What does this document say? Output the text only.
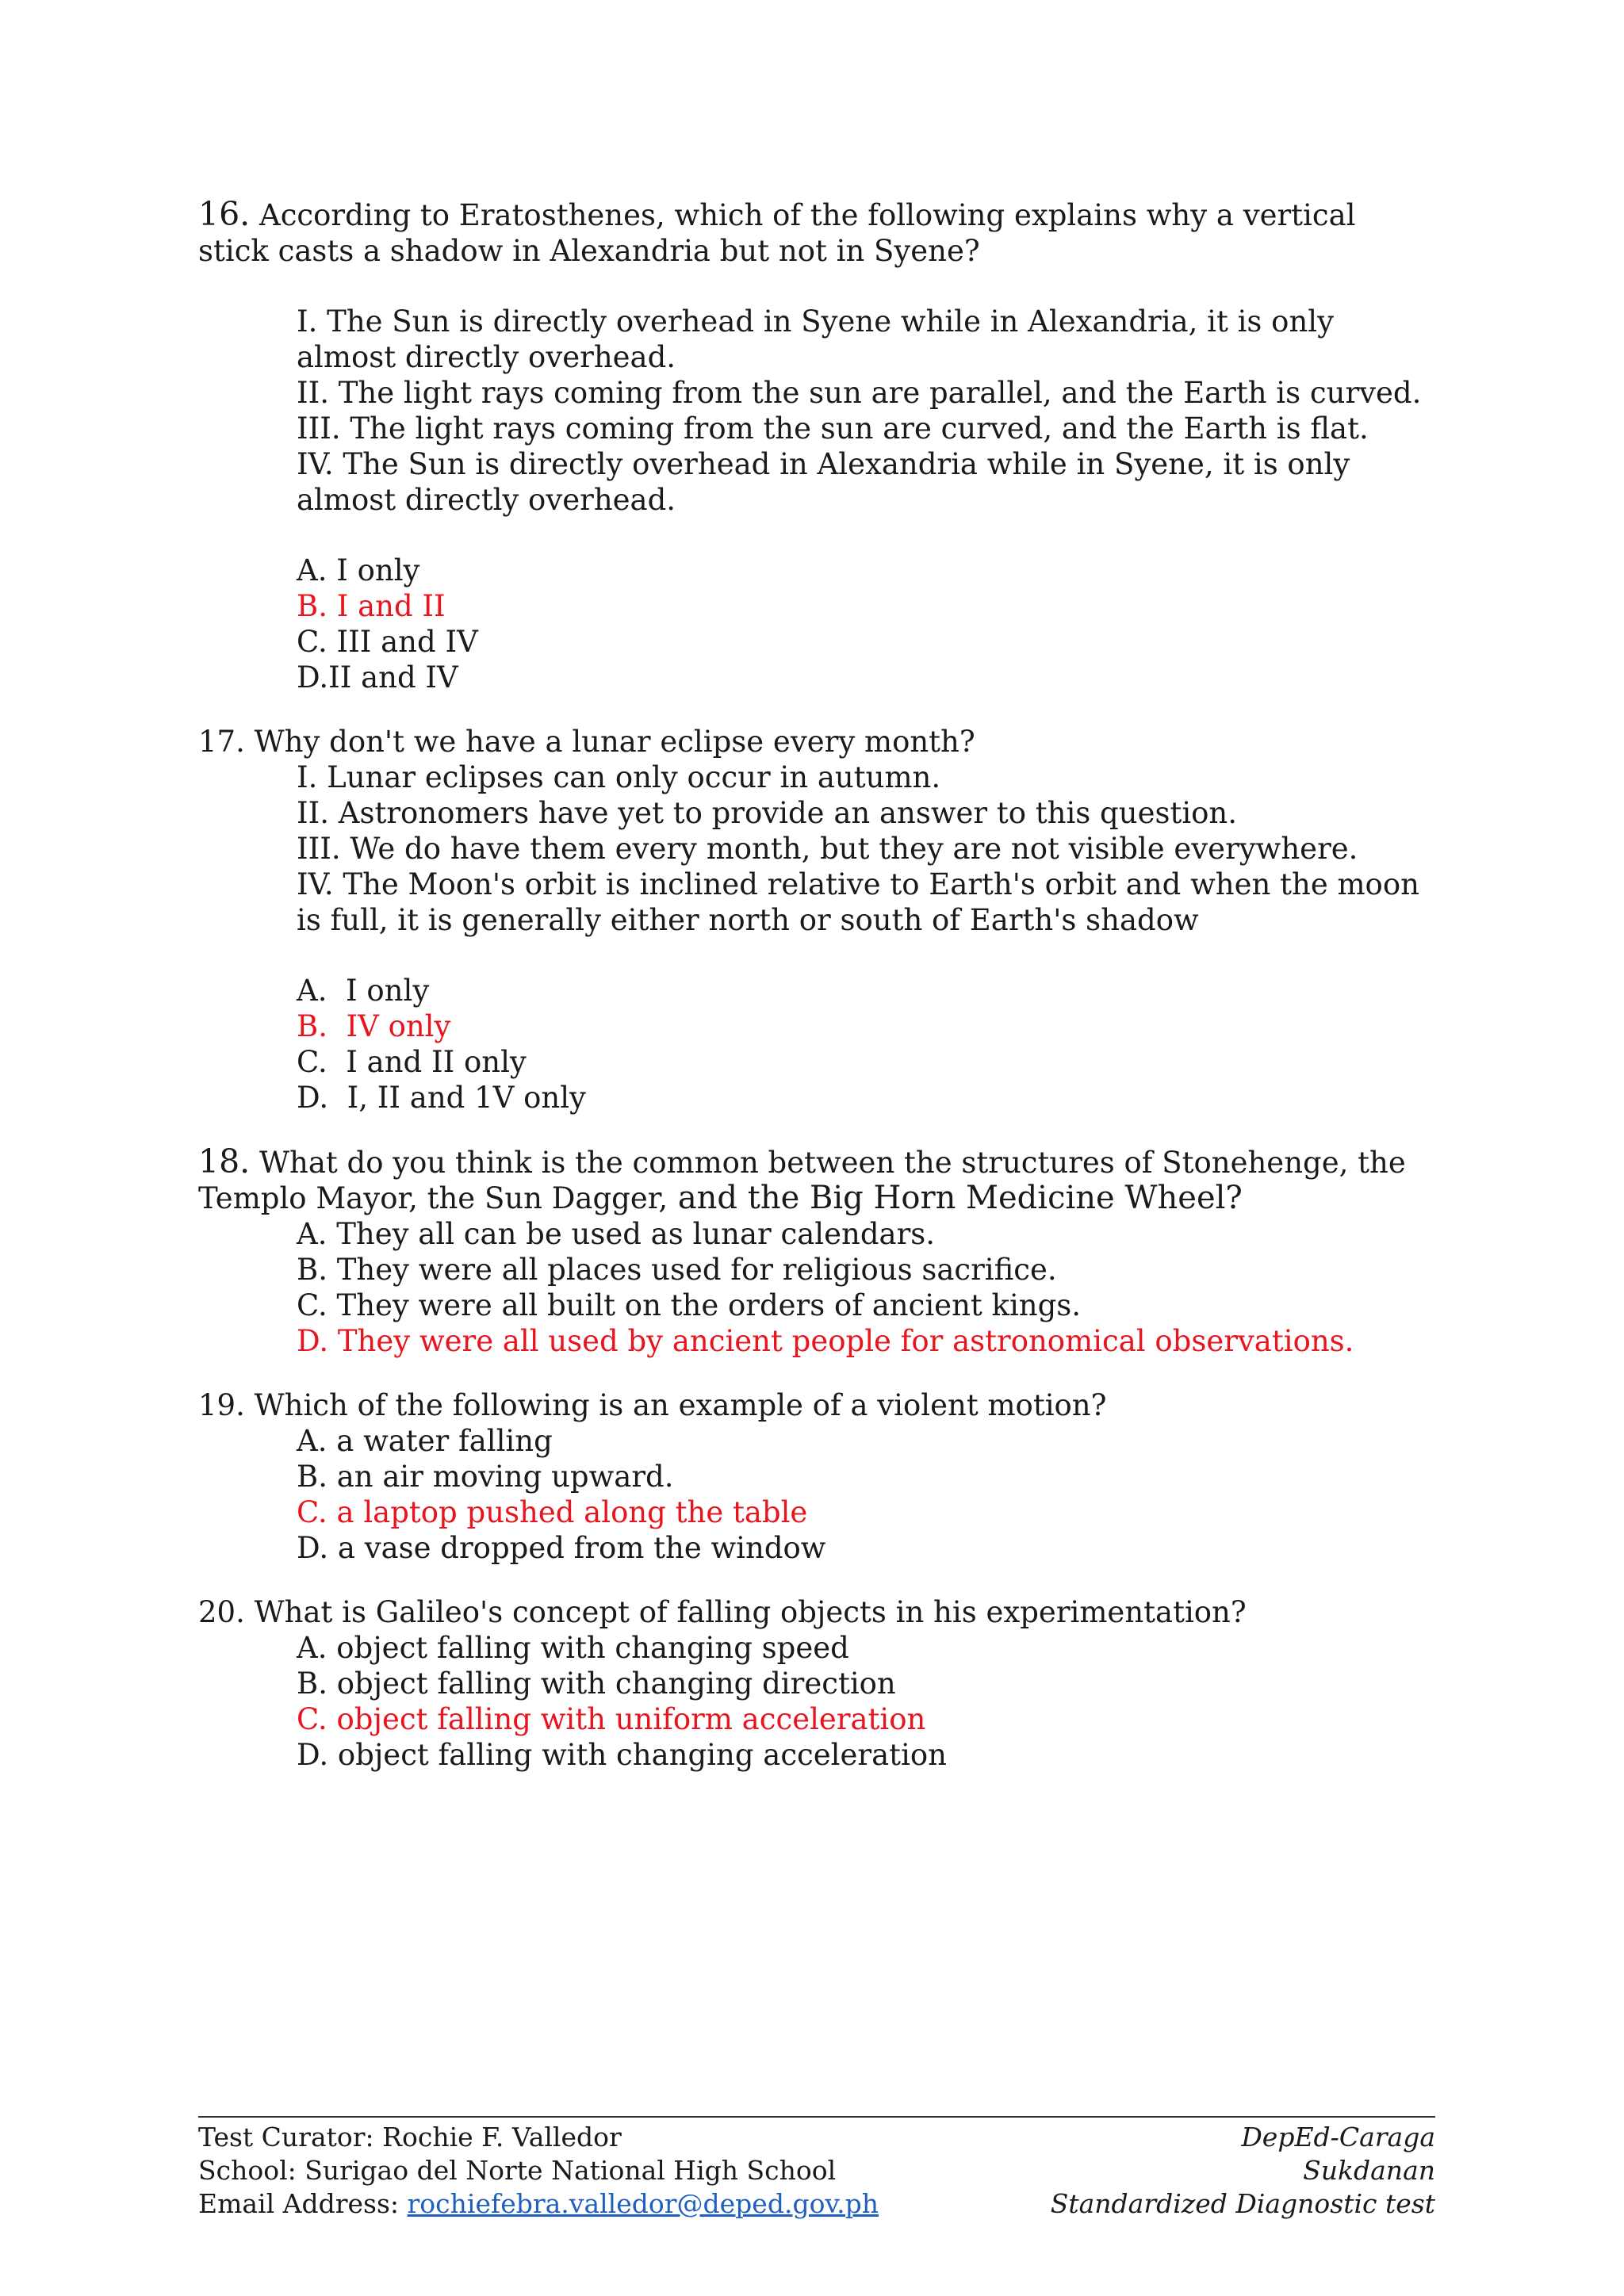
16. According to Eratosthenes, which of the following explains why a vertical stick casts a shadow in Alexandria but not in Syene?

I. The Sun is directly overhead in Syene while in Alexandria, it is only almost directly overhead.

II. The light rays coming from the sun are parallel, and the Earth is curved.

III. The light rays coming from the sun are curved, and the Earth is flat.

IV. The Sun is directly overhead in Alexandria while in Syene, it is only almost directly overhead.

A. I only

B. I and II

C. III and IV

D.II and IV

17. Why don't we have a lunar eclipse every month?

I. Lunar eclipses can only occur in autumn.

II. Astronomers have yet to provide an answer to this question.

III. We do have them every month, but they are not visible everywhere.

IV. The Moon's orbit is inclined relative to Earth's orbit and when the moon is full, it is generally either north or south of Earth's shadow

A.  I only

B.  IV only

C.  I and II only

D.  I, II and 1V only

18. What do you think is the common between the structures of Stonehenge, the Templo Mayor, the Sun Dagger, and the Big Horn Medicine Wheel?

A. They all can be used as lunar calendars.

B. They were all places used for religious sacrifice.

C. They were all built on the orders of ancient kings.

D. They were all used by ancient people for astronomical observations.

19. Which of the following is an example of a violent motion?

A. a water falling

B. an air moving upward.

C. a laptop pushed along the table

D. a vase dropped from the window

20. What is Galileo's concept of falling objects in his experimentation?

A. object falling with changing speed

B. object falling with changing direction

C. object falling with uniform acceleration

D. object falling with changing acceleration

Test Curator: Rochie F. Valledor	DepEd-Caraga
School: Surigao del Norte National High School	Sukdanan
Email Address: rochiefebra.valledor@deped.gov.ph	Standardized Diagnostic test
